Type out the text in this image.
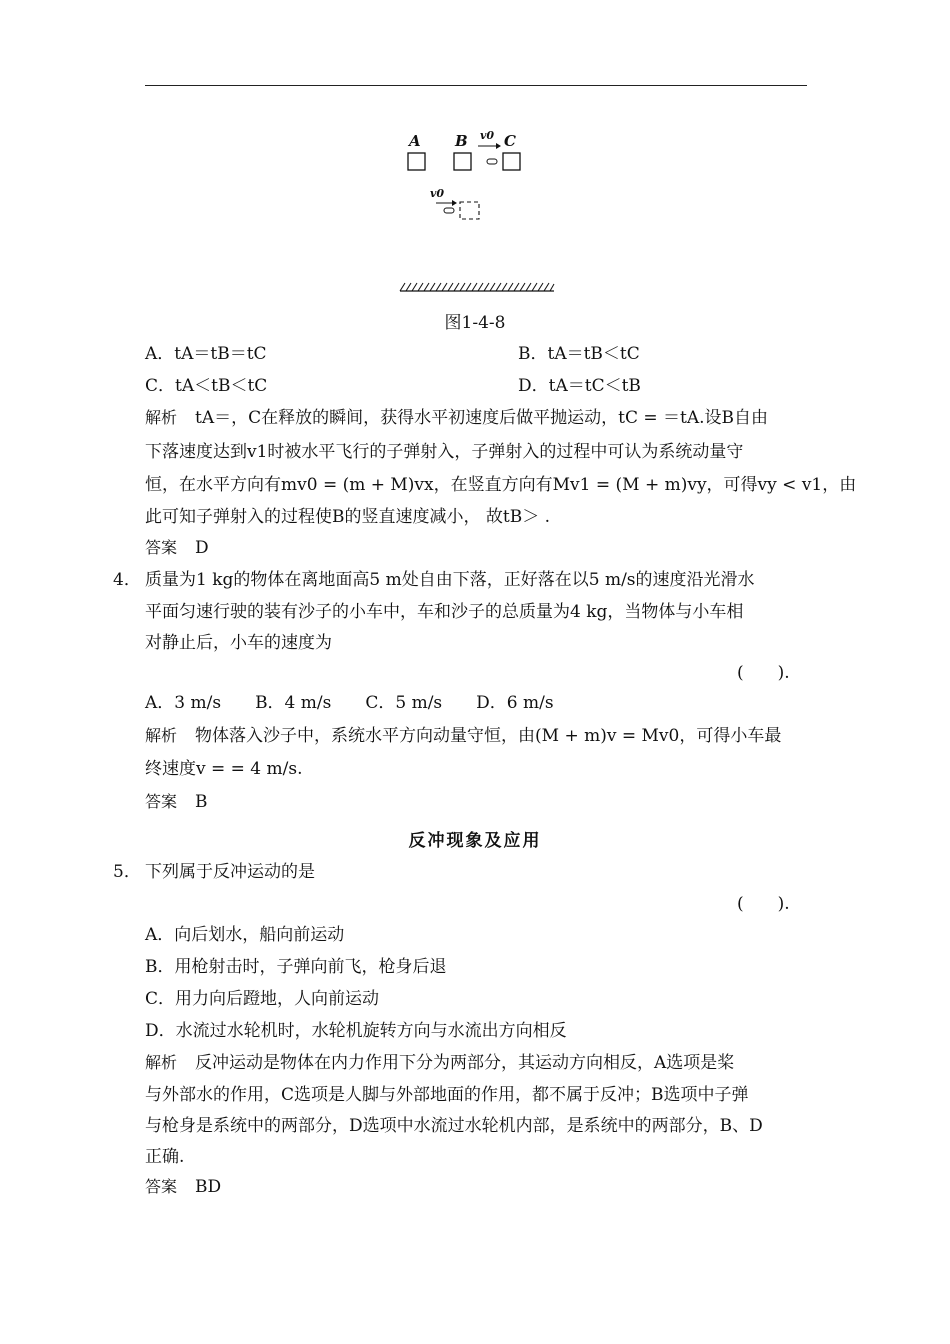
A B C
v0
v0
图1-4-8
A．tA＝tB＝tC	B．tA＝tB＜tC
C．tA＜tB＜tC	D．tA＝tC＜tB
解析 tA＝，C在释放的瞬间，获得水平初速度后做平抛运动，tC = ＝tA.设B自由
下落速度达到v1时被水平飞行的子弹射入，子弹射入的过程中可认为系统动量守
恒，在水平方向有mv0 = (m + M)vx，在竖直方向有Mv1 = (M + m)vy，可得vy < v1，由
此可知子弹射入的过程使B的竖直速度减小， 故tB＞ .
答案 D
4． 质量为1 kg的物体在离地面高5 m处自由下落，正好落在以5 m/s的速度沿光滑水
平面匀速行驶的装有沙子的小车中，车和沙子的总质量为4 kg，当物体与小车相
对静止后，小车的速度为
(　　).
A．3 m/s　　B．4 m/s　　C．5 m/s　　D．6 m/s
解析 物体落入沙子中，系统水平方向动量守恒，由(M + m)v = Mv0，可得小车最
终速度v = = 4 m/s.
答案 B
反冲现象及应用
5． 下列属于反冲运动的是
(　　).
A．向后划水，船向前运动
B．用枪射击时，子弹向前飞，枪身后退
C．用力向后蹬地，人向前运动
D．水流过水轮机时，水轮机旋转方向与水流出方向相反
解析 反冲运动是物体在内力作用下分为两部分，其运动方向相反，A选项是桨
与外部水的作用，C选项是人脚与外部地面的作用，都不属于反冲；B选项中子弹
与枪身是系统中的两部分，D选项中水流过水轮机内部，是系统中的两部分，B、D
正确.
答案 BD
